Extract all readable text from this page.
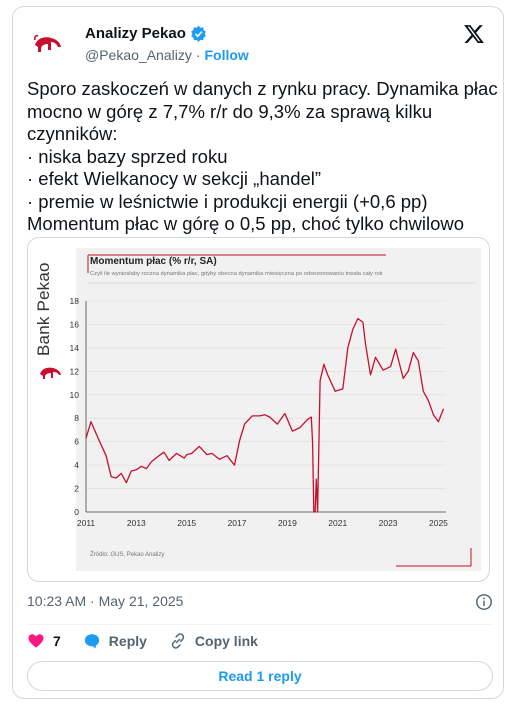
Analizy Pekao
@Pekao_Analizy · Follow
Sporo zaskoczeń w danych z rynku pracy. Dynamika płac
mocno w górę z 7,7% r/r do 9,3% za sprawą kilku
czynników:
· niska bazy sprzed roku
· efekt Wielkanocy w sekcji „handel”
· premie w leśnictwie i produkcji energii (+0,6 pp)
Momentum płac w górę o 0,5 pp, choć tylko chwilowo
Bank Pekao
0
2
4
6
8
10
12
14
16
18
2011	2013	2015	2017	2019	2021	2023	2025
Momentum płac (% r/r, SA)
Czyli ile wyniosłaby roczna dynamika płac, gdyby obecna dynamika miesięczna po odsezonowaniu trwała cały rok
Źródło: GUS, Pekao Analizy
10:23 AM · May 21, 2025
7	Reply	Copy link
Read 1 reply
